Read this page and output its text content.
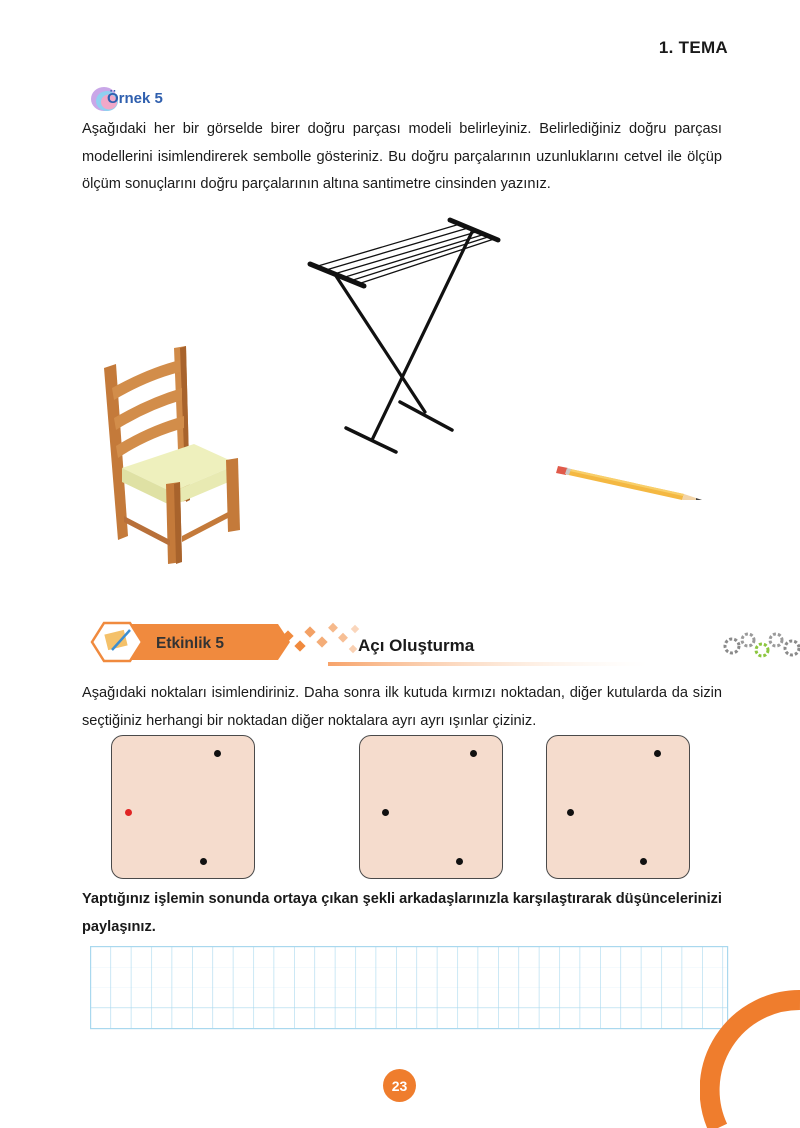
1. TEMA
Örnek 5
Aşağıdaki her bir görselde birer doğru parçası modeli belirleyiniz. Belirlediğiniz doğru parçası modellerini isimlendirerek sembolle gösteriniz. Bu doğru parçalarının uzunluklarını cetvel ile ölçüp ölçüm sonuçlarını doğru parçalarının altına santimetre cinsinden yazınız.
Etkinlik 5	Açı Oluşturma
Aşağıdaki noktaları isimlendiriniz. Daha sonra ilk kutuda kırmızı noktadan, diğer kutularda da sizin seçtiğiniz herhangi bir noktadan diğer noktalara ayrı ayrı ışınlar çiziniz.
Yaptığınız işlemin sonunda ortaya çıkan şekli arkadaşlarınızla karşılaştırarak düşüncelerinizi paylaşınız.
23
